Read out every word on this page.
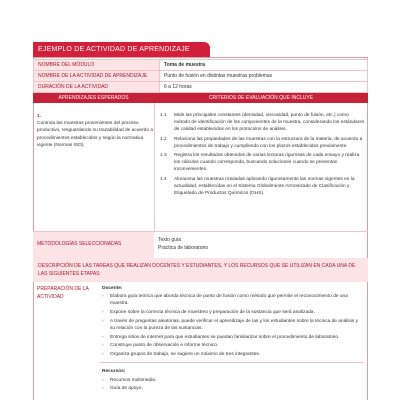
EJEMPLO DE ACTIVIDAD DE APRENDIZAJE
NOMBRE DEL MÓDULO	Toma de muestra
NOMBRE DE LA ACTIVIDAD DE APRENDIZAJE	Punto de fusión en distintas muestras problemas
DURACIÓN DE LA ACTIVIDAD	6 a 12 horas
APRENDIZAJES ESPERADOS	CRITERIOS DE EVALUACIÓN QUE INCLUYE
1.
Controla las muestras provenientes del proceso productivo, resguardando su trazabilidad de acuerdo a procedimientos establecidos y según la normativa vigente (Normas ISO).
1.1	Mide las principales constantes (densidad, viscosidad, punto de fusión, etc.) como método de identificación de los componentes de la muestra, considerando los estándares de calidad establecidos en los protocolos de análisis.
1.2	Relaciona las propiedades de las muestras con la estructura de la materia, de acuerdo a procedimientos de trabajo y cumpliendo con los plazos establecidos previamente.
1.3	Registra los resultados obtenidos de varias lecturas rigurosas de cada ensayo y realiza los cálculos cuando corresponda, buscando soluciones cuando se presentan inconvenientes.
1.4	Almacena las muestras rotuladas aplicando rigurosamente las normas vigentes en la actualidad, establecidas en el Sistema Globalmente Armonizado de Clasificación y Etiquetado de Productos Químicos (GHS).
METODOLOGÍAS SELECCIONADAS
Texto guía
Práctica de laboratorio
DESCRIPCIÓN DE LAS TAREAS QUE REALIZAN DOCENTES Y ESTUDIANTES, Y LOS RECURSOS QUE SE UTILIZAN EN CADA UNA DE LAS SIGUIENTES ETAPAS:
PREPARACIÓN DE LA ACTIVIDAD
Docente:
›	Elabora guía teórica que aborda técnica de punto de fusión como método que permite el reconocimiento de una muestra.
›	Expone sobre la correcta técnica de muestreo y preparación de la sustancia que será analizada.
›	A través de preguntas aleatorias, puede verificar el aprendizaje de las y los estudiantes sobre la técnica de análisis y su relación con la pureza de las sustancias.
›	Entrega sitios de internet para que estudiantes se puedan familiarizar sobre el procedimiento de laboratorio.
›	Construye punto de observación e informe técnico.
›	Organiza grupos de trabajo, se sugiere un máximo de tres integrantes.
Recursos:
›	Recursos multimedia.
›	Guía de apoyo.
